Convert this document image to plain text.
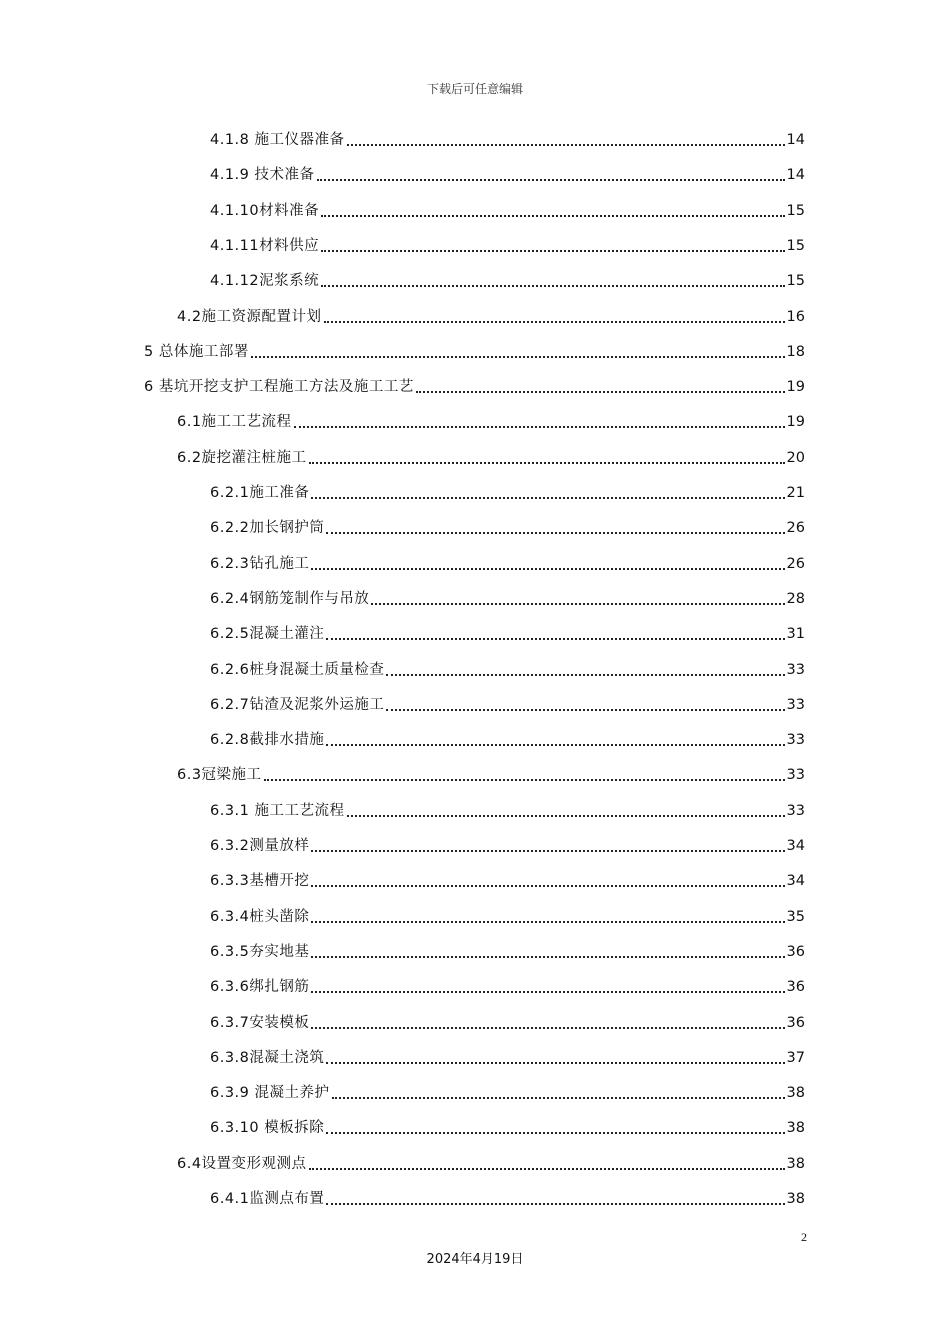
下载后可任意编辑
4.1.8 施工仪器准备	14
4.1.9 技术准备	14
4.1.10材料准备	15
4.1.11材料供应	15
4.1.12泥浆系统	15
4.2施工资源配置计划	16
5 总体施工部署	18
6 基坑开挖支护工程施工方法及施工工艺	19
6.1施工工艺流程	19
6.2旋挖灌注桩施工	20
6.2.1施工准备	21
6.2.2加长钢护筒	26
6.2.3钻孔施工	26
6.2.4钢筋笼制作与吊放	28
6.2.5混凝土灌注	31
6.2.6桩身混凝土质量检查	33
6.2.7钻渣及泥浆外运施工	33
6.2.8截排水措施	33
6.3冠梁施工	33
6.3.1 施工工艺流程	33
6.3.2测量放样	34
6.3.3基槽开挖	34
6.3.4桩头凿除	35
6.3.5夯实地基	36
6.3.6绑扎钢筋	36
6.3.7安装模板	36
6.3.8混凝土浇筑	37
6.3.9 混凝土养护	38
6.3.10 模板拆除	38
6.4设置变形观测点	38
6.4.1监测点布置	38
2
2024年4月19日
